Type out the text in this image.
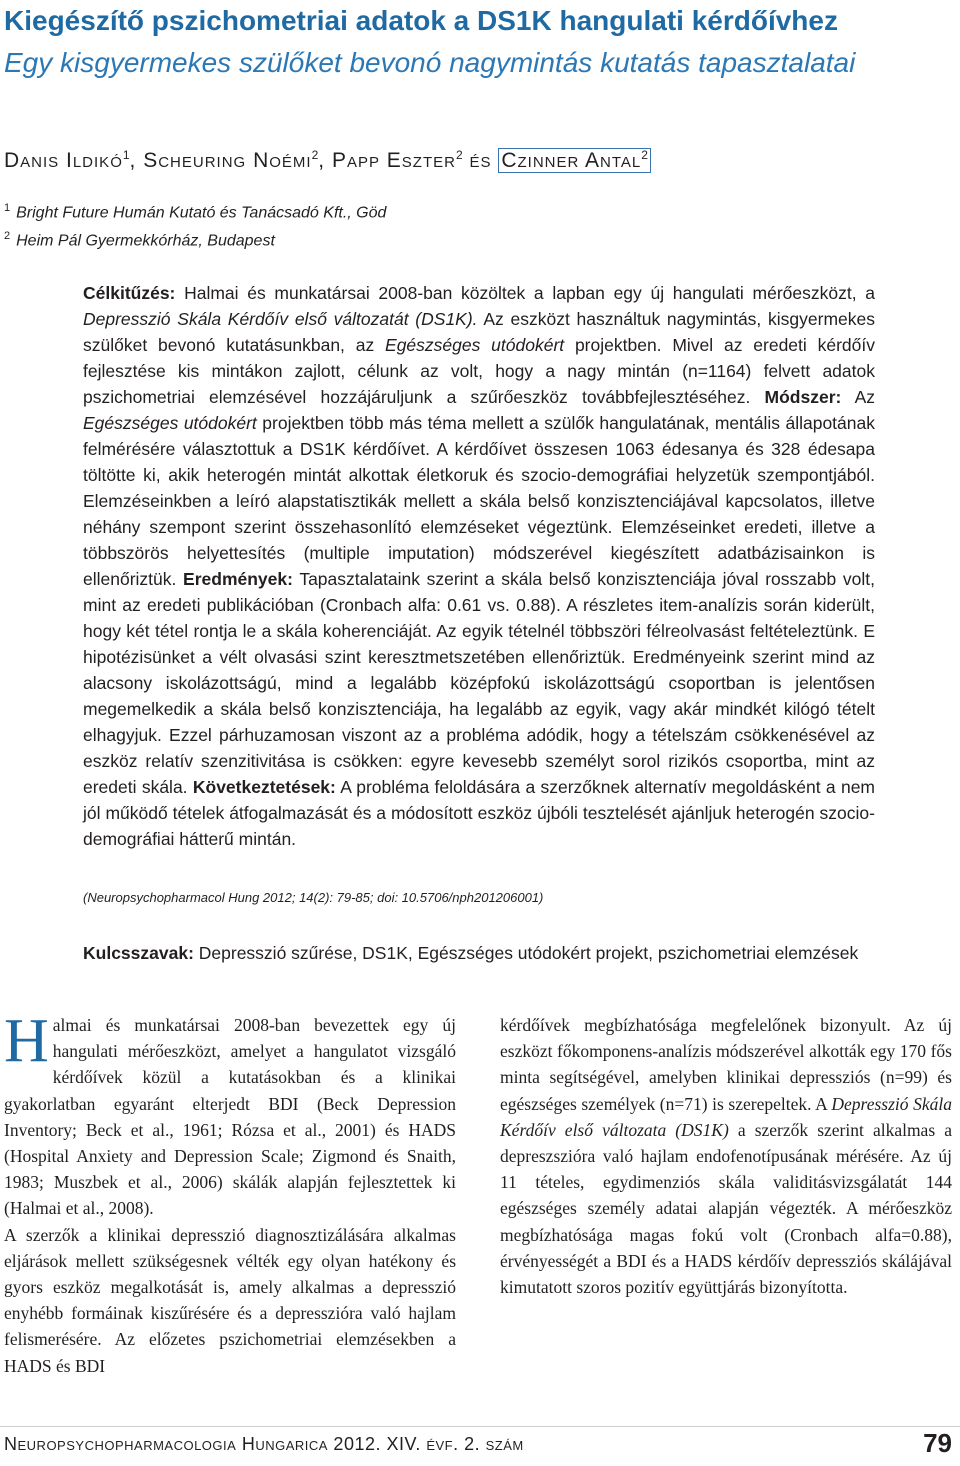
Kiegészítő pszichometriai adatok a DS1K hangulati kérdőívhez
Egy kisgyermekes szülőket bevonó nagymintás kutatás tapasztalatai
Danis Ildikó$^1$, Scheuring Noémi$^2$, Papp Eszter$^2$ és Czinner Antal$^2$
$^1$ Bright Future Humán Kutató és Tanácsadó Kft., Göd
$^2$ Heim Pál Gyermekkórház, Budapest
Célkitűzés: Halmai és munkatársai 2008-ban közöltek a lapban egy új hangulati mérőeszközt, a Depresszió Skála Kérdőív első változatát (DS1K). Az eszközt használtuk nagymintás, kisgyermekes szülőket bevonó kutatásunkban, az Egészséges utódokért projektben. Mivel az eredeti kérdőív fejlesztése kis mintákon zajlott, célunk az volt, hogy a nagy mintán (n=1164) felvett adatok pszichometriai elemzésével hozzájáruljunk a szűrőeszköz továbbfejlesztéséhez. Módszer: Az Egészséges utódokért projektben több más téma mellett a szülők hangulatának, mentális állapotának felmérésére választottuk a DS1K kérdőívet. A kérdőívet összesen 1063 édesanya és 328 édesapa töltötte ki, akik heterogén mintát alkottak életkoruk és szocio-demográfiai helyzetük szempontjából. Elemzéseinkben a leíró alapstatisztikák mellett a skála belső konzisztenciájával kapcsolatos, illetve néhány szempont szerint összehasonlító elemzéseket végeztünk. Elemzéseinket eredeti, illetve a többszörös helyettesítés (multiple imputation) módszerével kiegészített adatbázisainkon is ellenőriztük. Eredmények: Tapasztalataink szerint a skála belső konzisztenciája jóval rosszabb volt, mint az eredeti publikációban (Cronbach alfa: 0.61 vs. 0.88). A részletes item-analízis során kiderült, hogy két tétel rontja le a skála koherenciáját. Az egyik tételnél többszöri félreolvasást feltételeztünk. E hipotézisünket a vélt olvasási szint keresztmetszetében ellenőriztük. Eredményeink szerint mind az alacsony iskolázottságú, mind a legalább középfokú iskolázottságú csoportban is jelentősen megemelkedik a skála belső konzisztenciája, ha legalább az egyik, vagy akár mindkét kilógó tételt elhagyjuk. Ezzel párhuzamosan viszont az a probléma adódik, hogy a tételszám csökkenésével az eszköz relatív szenzitivitása is csökken: egyre kevesebb személyt sorol rizikós csoportba, mint az eredeti skála. Következtetések: A probléma feloldására a szerzőknek alternatív megoldásként a nem jól működő tételek átfogalmazását és a módosított eszköz újbóli tesztelését ajánljuk heterogén szocio-demográfiai hátterű mintán.
(Neuropsychopharmacol Hung 2012; 14(2): 79-85; doi: 10.5706/nph201206001)
Kulcsszavak: Depresszió szűrése, DS1K, Egészséges utódokért projekt, pszichometriai elemzések
Halmai és munkatársai 2008-ban bevezettek egy új hangulati mérőeszközt, amelyet a hangulatot vizsgáló kérdőívek közül a kutatásokban és a klinikai gyakorlatban egyaránt elterjedt BDI (Beck Depression Inventory; Beck et al., 1961; Rózsa et al., 2001) és HADS (Hospital Anxiety and Depression Scale; Zigmond és Snaith, 1983; Muszbek et al., 2006) skálák alapján fejlesztettek ki (Halmai et al., 2008).
A szerzők a klinikai depresszió diagnosztizálására alkalmas eljárások mellett szükségesnek vélték egy olyan hatékony és gyors eszköz megalkotását is, amely alkalmas a depresszió enyhébb formáinak kiszűrésére és a depresszióra való hajlam felismerésére. Az előzetes pszichometriai elemzésekben a HADS és BDI
kérdőívek megbízhatósága megfelelőnek bizonyult. Az új eszközt főkomponens-analízis módszerével alkották egy 170 fős minta segítségével, amelyben klinikai depressziós (n=99) és egészséges személyek (n=71) is szerepeltek. A Depresszió Skála Kérdőív első változata (DS1K) a szerzők szerint alkalmas a depreszszióra való hajlam endofenotípusának mérésére. Az új 11 tételes, egydimenziós skála validitásvizsgálatát 144 egészséges személy adatai alapján végezték. A mérőeszköz megbízhatósága magas fokú volt (Cronbach alfa=0.88), érvényességét a BDI és a HADS kérdőív depressziós skálájával kimutatott szoros pozitív együttjárás bizonyította.
Neuropsychopharmacologia Hungarica 2012. XIV. évf. 2. szám	79
